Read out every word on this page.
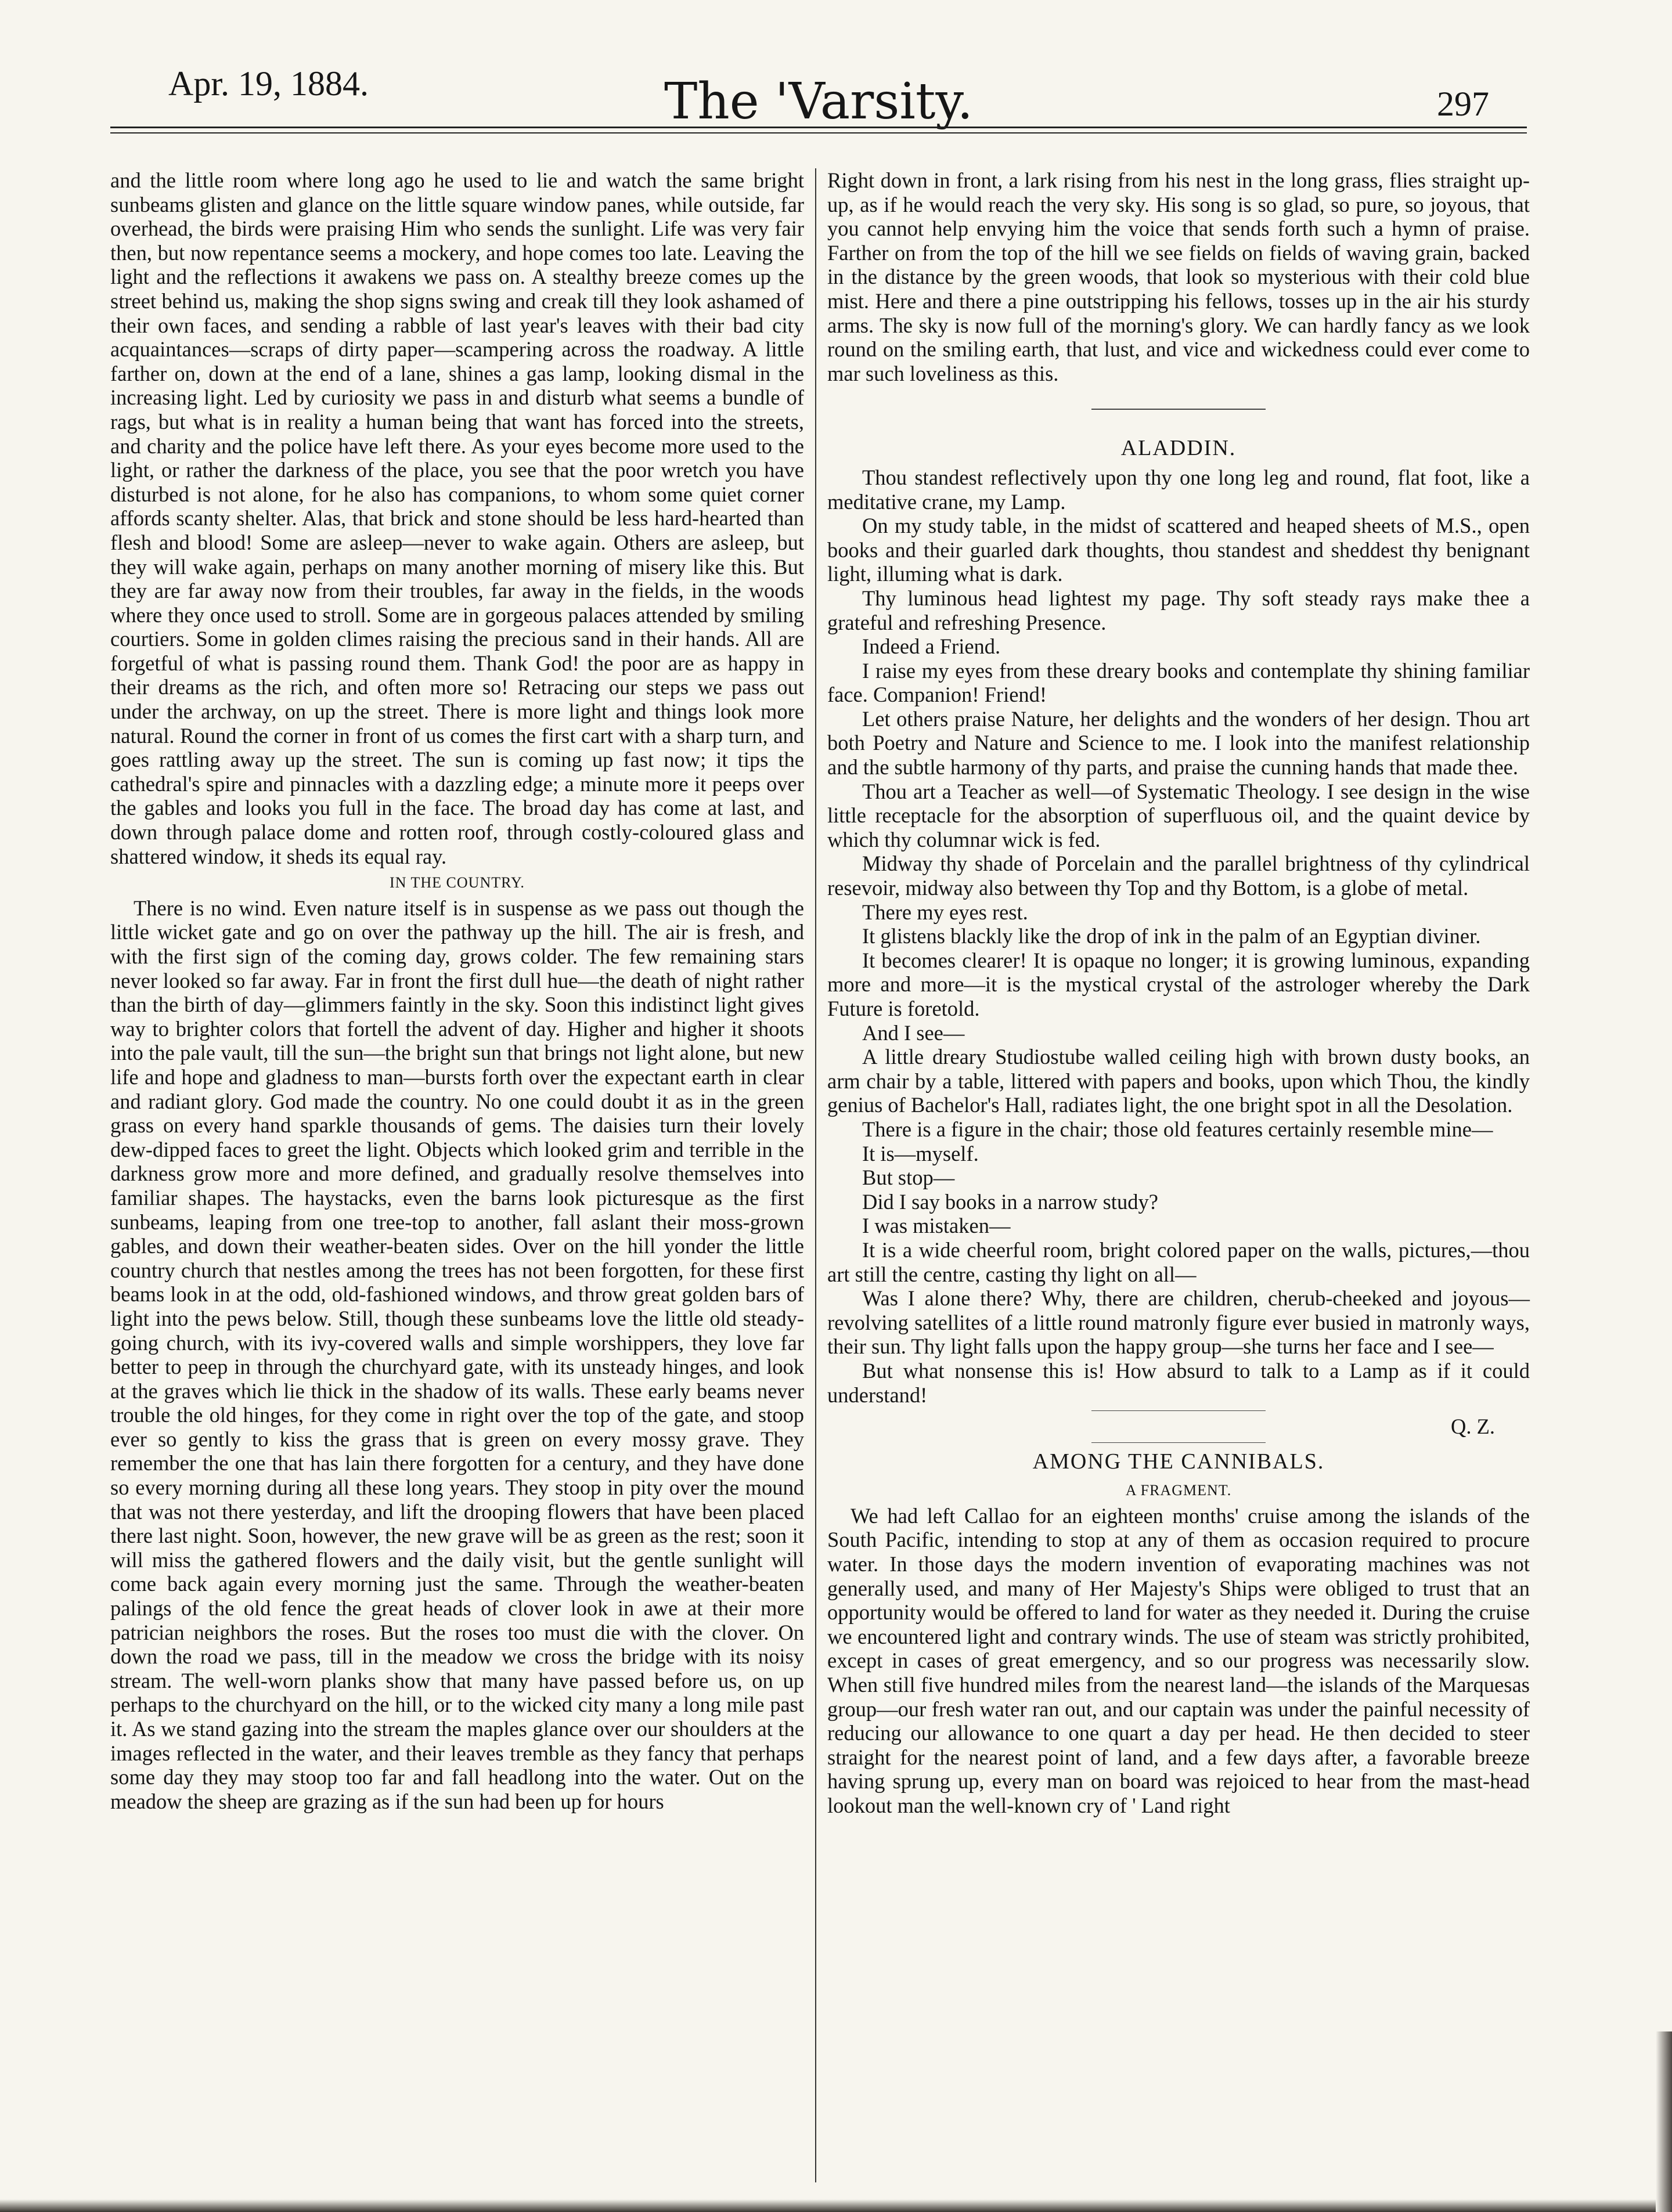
Apr. 19, 1884.	The 'Varsity.	297

and the little room where long ago he used to lie and watch the same bright sunbeams glisten and glance on the little square window panes, while outside, far overhead, the birds were praising Him who sends the sunlight. Life was very fair then, but now repentance seems a mockery, and hope comes too late. Leaving the light and the reflections it awakens we pass on. A stealthy breeze comes up the street behind us, making the shop signs swing and creak till they look ashamed of their own faces, and sending a rabble of last year's leaves with their bad city acquaintances—scraps of dirty paper—scampering across the roadway. A little farther on, down at the end of a lane, shines a gas lamp, looking dismal in the increasing light. Led by curiosity we pass in and disturb what seems a bundle of rags, but what is in reality a human being that want has forced into the streets, and charity and the police have left there. As your eyes become more used to the light, or rather the darkness of the place, you see that the poor wretch you have disturbed is not alone, for he also has companions, to whom some quiet corner affords scanty shelter. Alas, that brick and stone should be less hard-hearted than flesh and blood! Some are asleep—never to wake again. Others are asleep, but they will wake again, perhaps on many another morning of misery like this. But they are far away now from their troubles, far away in the fields, in the woods where they once used to stroll. Some are in gorgeous palaces attended by smiling courtiers. Some in golden climes raising the precious sand in their hands. All are forgetful of what is passing round them. Thank God! the poor are as happy in their dreams as the rich, and often more so! Retracing our steps we pass out under the archway, on up the street. There is more light and things look more natural. Round the corner in front of us comes the first cart with a sharp turn, and goes rattling away up the street. The sun is coming up fast now; it tips the cathedral's spire and pinnacles with a dazzling edge; a minute more it peeps over the gables and looks you full in the face. The broad day has come at last, and down through palace dome and rotten roof, through costly-coloured glass and shattered window, it sheds its equal ray.

IN THE COUNTRY.

There is no wind. Even nature itself is in suspense as we pass out though the little wicket gate and go on over the pathway up the hill. The air is fresh, and with the first sign of the coming day, grows colder. The few remaining stars never looked so far away. Far in front the first dull hue—the death of night rather than the birth of day—glimmers faintly in the sky. Soon this indistinct light gives way to brighter colors that fortell the advent of day. Higher and higher it shoots into the pale vault, till the sun—the bright sun that brings not light alone, but new life and hope and gladness to man—bursts forth over the expectant earth in clear and radiant glory. God made the country. No one could doubt it as in the green grass on every hand sparkle thousands of gems. The daisies turn their lovely dew-dipped faces to greet the light. Objects which looked grim and terrible in the darkness grow more and more defined, and gradually resolve themselves into familiar shapes. The haystacks, even the barns look picturesque as the first sunbeams, leaping from one tree-top to another, fall aslant their moss-grown gables, and down their weather-beaten sides. Over on the hill yonder the little country church that nestles among the trees has not been forgotten, for these first beams look in at the odd, old-fashioned windows, and throw great golden bars of light into the pews below. Still, though these sunbeams love the little old steady-going church, with its ivy-covered walls and simple worshippers, they love far better to peep in through the churchyard gate, with its unsteady hinges, and look at the graves which lie thick in the shadow of its walls. These early beams never trouble the old hinges, for they come in right over the top of the gate, and stoop ever so gently to kiss the grass that is green on every mossy grave. They remember the one that has lain there forgotten for a century, and they have done so every morning during all these long years. They stoop in pity over the mound that was not there yesterday, and lift the drooping flowers that have been placed there last night. Soon, however, the new grave will be as green as the rest; soon it will miss the gathered flowers and the daily visit, but the gentle sunlight will come back again every morning just the same. Through the weather-beaten palings of the old fence the great heads of clover look in awe at their more patrician neighbors the roses. But the roses too must die with the clover. On down the road we pass, till in the meadow we cross the bridge with its noisy stream. The well-worn planks show that many have passed before us, on up perhaps to the churchyard on the hill, or to the wicked city many a long mile past it. As we stand gazing into the stream the maples glance over our shoulders at the images reflected in the water, and their leaves tremble as they fancy that perhaps some day they may stoop too far and fall headlong into the water. Out on the meadow the sheep are grazing as if the sun had been up for hours

Right down in front, a lark rising from his nest in the long grass, flies straight up-up, as if he would reach the very sky. His song is so glad, so pure, so joyous, that you cannot help envying him the voice that sends forth such a hymn of praise. Farther on from the top of the hill we see fields on fields of waving grain, backed in the distance by the green woods, that look so mysterious with their cold blue mist. Here and there a pine outstripping his fellows, tosses up in the air his sturdy arms. The sky is now full of the morning's glory. We can hardly fancy as we look round on the smiling earth, that lust, and vice and wickedness could ever come to mar such loveliness as this.

ALADDIN.

Thou standest reflectively upon thy one long leg and round, flat foot, like a meditative crane, my Lamp.

On my study table, in the midst of scattered and heaped sheets of M.S., open books and their guarled dark thoughts, thou standest and sheddest thy benignant light, illuming what is dark.

Thy luminous head lightest my page. Thy soft steady rays make thee a grateful and refreshing Presence.

Indeed a Friend.

I raise my eyes from these dreary books and contemplate thy shining familiar face. Companion! Friend!

Let others praise Nature, her delights and the wonders of her design. Thou art both Poetry and Nature and Science to me. I look into the manifest relationship and the subtle harmony of thy parts, and praise the cunning hands that made thee.

Thou art a Teacher as well—of Systematic Theology. I see design in the wise little receptacle for the absorption of superfluous oil, and the quaint device by which thy columnar wick is fed.

Midway thy shade of Porcelain and the parallel brightness of thy cylindrical resevoir, midway also between thy Top and thy Bottom, is a globe of metal.

There my eyes rest.

It glistens blackly like the drop of ink in the palm of an Egyptian diviner.

It becomes clearer! It is opaque no longer; it is growing luminous, expanding more and more—it is the mystical crystal of the astrologer whereby the Dark Future is foretold.

And I see—

A little dreary Studiostube walled ceiling high with brown dusty books, an arm chair by a table, littered with papers and books, upon which Thou, the kindly genius of Bachelor's Hall, radiates light, the one bright spot in all the Desolation.

There is a figure in the chair; those old features certainly resemble mine—

It is—myself.

But stop—

Did I say books in a narrow study?

I was mistaken—

It is a wide cheerful room, bright colored paper on the walls, pictures,—thou art still the centre, casting thy light on all—

Was I alone there? Why, there are children, cherub-cheeked and joyous—revolving satellites of a little round matronly figure ever busied in matronly ways, their sun. Thy light falls upon the happy group—she turns her face and I see—

But what nonsense this is! How absurd to talk to a Lamp as if it could understand!

Q. Z.

AMONG THE CANNIBALS.
A FRAGMENT.

We had left Callao for an eighteen months' cruise among the islands of the South Pacific, intending to stop at any of them as occasion required to procure water. In those days the modern invention of evaporating machines was not generally used, and many of Her Majesty's Ships were obliged to trust that an opportunity would be offered to land for water as they needed it. During the cruise we encountered light and contrary winds. The use of steam was strictly prohibited, except in cases of great emergency, and so our progress was necessarily slow. When still five hundred miles from the nearest land—the islands of the Marquesas group—our fresh water ran out, and our captain was under the painful necessity of reducing our allowance to one quart a day per head. He then decided to steer straight for the nearest point of land, and a few days after, a favorable breeze having sprung up, every man on board was rejoiced to hear from the mast-head lookout man the well-known cry of ' Land right
